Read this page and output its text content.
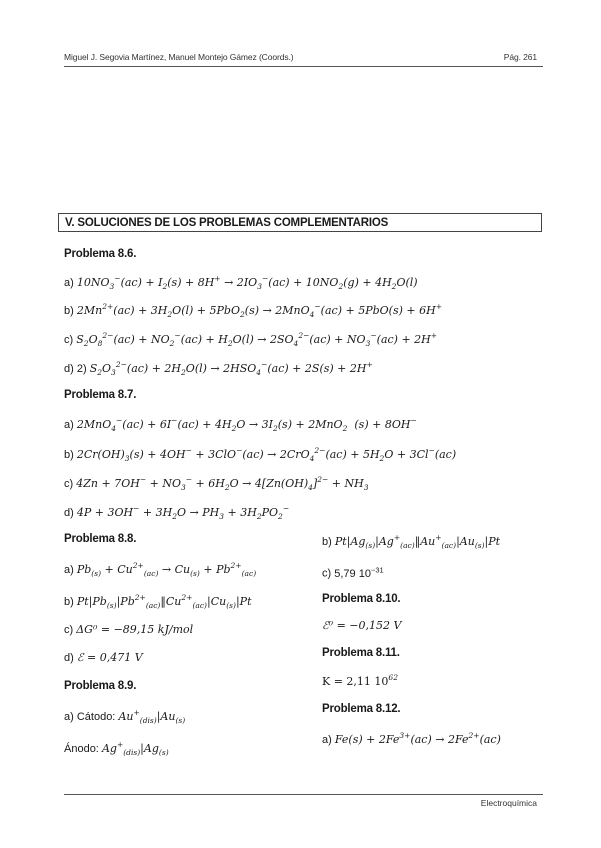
Miguel J. Segovia Martínez, Manuel Montejo Gámez (Coords.)	Pág. 261
V. SOLUCIONES DE LOS PROBLEMAS COMPLEMENTARIOS
Problema 8.6.
a) $10NO_3^-(ac) + I_2(s) + 8H^+ \to 2IO_3^-(ac) + 10NO_2(g) + 4H_2O(l)$
b) $2Mn^{2+}(ac) + 3H_2O(l) + 5PbO_2(s) \to 2MnO_4^-(ac) + 5PbO(s) + 6H^+$
c) $S_2O_8^{2-}(ac) + NO_2^-(ac) + H_2O(l) \to 2SO_4^{2-}(ac) + NO_3^-(ac) + 2H^+$
d) 2) $S_2O_3^{2-}(ac) + 2H_2O(l) \to 2HSO_4^-(ac) + 2S(s) + 2H^+$
Problema 8.7.
a) $2MnO_4^-(ac) + 6I^-(ac) + 4H_2O \to 3I_2(s) + 2MnO_2$  (s) + 8OH−
b) $2Cr(OH)_3(s) + 4OH^- + 3ClO^-(ac) \to 2CrO_4^{2-}(ac) + 5H_2O + 3Cl^-(ac)$
c) $4Zn + 7OH^- + NO_3^- + 6H_2O \to 4[Zn(OH)_4]^{2-} + NH_3$
d) $4P + 3OH^- + 3H_2O \to PH_3 + 3H_2PO_2^-$
Problema 8.8.
a) $Pb_{(s)} + Cu^{2+}_{(ac)} \to Cu_{(s)} + Pb^{2+}_{(ac)}$
b) $Pt|Pb_{(s)}|Pb^{2+}_{(ac)}‖Cu^{2+}_{(ac)}|Cu_{(s)}|Pt$
c) ΔG⁰ = −89,15 kJ/mol
d) ℰ = 0,471 V
Problema 8.9.
a) Cátodo: $Au^+_{(dis)}|Au_{(s)}$
Ánodo: $Ag^+_{(dis)}|Ag_{(s)}$
b) $Pt|Ag_{(s)}|Ag^+_{(ac)}‖Au^+_{(ac)}|Au_{(s)}|Pt$
c) 5,79 $10^{-31}$
Problema 8.10.
ℰ⁰ = −0,152 V
Problema 8.11.
K = 2,11 $10^{62}$
Problema 8.12.
a) $Fe(s) + 2Fe^{3+}(ac) \to 2Fe^{2+}(ac)$
Electroquímica
